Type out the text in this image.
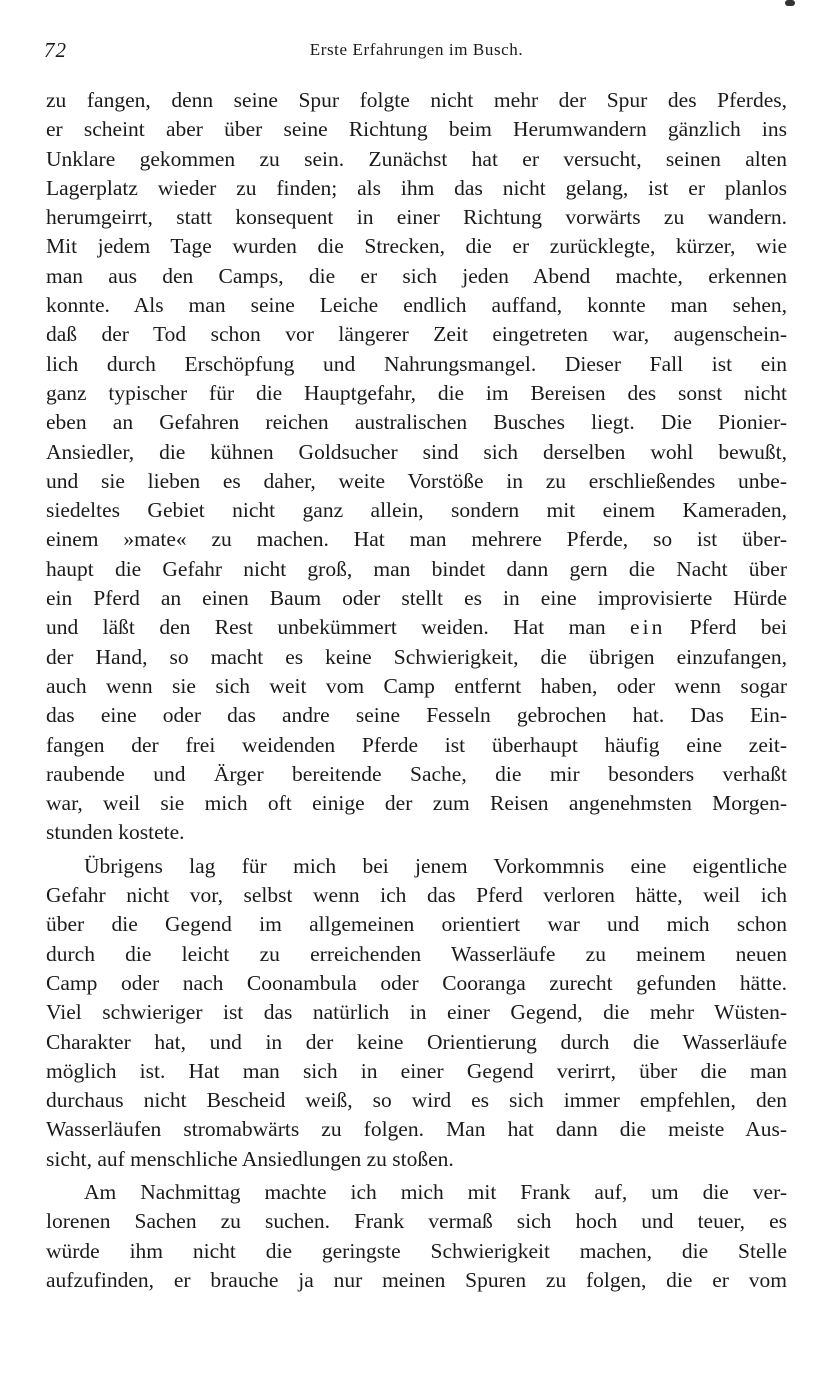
72	Erste Erfahrungen im Busch.
zu fangen, denn seine Spur folgte nicht mehr der Spur des Pferdes,
er scheint aber über seine Richtung beim Herumwandern gänzlich ins
Unklare gekommen zu sein. Zunächst hat er versucht, seinen alten
Lagerplatz wieder zu finden; als ihm das nicht gelang, ist er planlos
herumgeirrt, statt konsequent in einer Richtung vorwärts zu wandern.
Mit jedem Tage wurden die Strecken, die er zurücklegte, kürzer, wie
man aus den Camps, die er sich jeden Abend machte, erkennen
konnte. Als man seine Leiche endlich auffand, konnte man sehen,
daß der Tod schon vor längerer Zeit eingetreten war, augenschein-
lich durch Erschöpfung und Nahrungsmangel. Dieser Fall ist ein
ganz typischer für die Hauptgefahr, die im Bereisen des sonst nicht
eben an Gefahren reichen australischen Busches liegt. Die Pionier-
Ansiedler, die kühnen Goldsucher sind sich derselben wohl bewußt,
und sie lieben es daher, weite Vorstöße in zu erschließendes unbe-
siedeltes Gebiet nicht ganz allein, sondern mit einem Kameraden,
einem »mate« zu machen. Hat man mehrere Pferde, so ist über-
haupt die Gefahr nicht groß, man bindet dann gern die Nacht über
ein Pferd an einen Baum oder stellt es in eine improvisierte Hürde
und läßt den Rest unbekümmert weiden. Hat man ein Pferd bei
der Hand, so macht es keine Schwierigkeit, die übrigen einzufangen,
auch wenn sie sich weit vom Camp entfernt haben, oder wenn sogar
das eine oder das andre seine Fesseln gebrochen hat. Das Ein-
fangen der frei weidenden Pferde ist überhaupt häufig eine zeit-
raubende und Ärger bereitende Sache, die mir besonders verhaßt
war, weil sie mich oft einige der zum Reisen angenehmsten Morgen-
stunden kostete.
Übrigens lag für mich bei jenem Vorkommnis eine eigentliche
Gefahr nicht vor, selbst wenn ich das Pferd verloren hätte, weil ich
über die Gegend im allgemeinen orientiert war und mich schon
durch die leicht zu erreichenden Wasserläufe zu meinem neuen
Camp oder nach Coonambula oder Cooranga zurecht gefunden hätte.
Viel schwieriger ist das natürlich in einer Gegend, die mehr Wüsten-
Charakter hat, und in der keine Orientierung durch die Wasserläufe
möglich ist. Hat man sich in einer Gegend verirrt, über die man
durchaus nicht Bescheid weiß, so wird es sich immer empfehlen, den
Wasserläufen stromabwärts zu folgen. Man hat dann die meiste Aus-
sicht, auf menschliche Ansiedlungen zu stoßen.
Am Nachmittag machte ich mich mit Frank auf, um die ver-
lorenen Sachen zu suchen. Frank vermaß sich hoch und teuer, es
würde ihm nicht die geringste Schwierigkeit machen, die Stelle
aufzufinden, er brauche ja nur meinen Spuren zu folgen, die er vom
